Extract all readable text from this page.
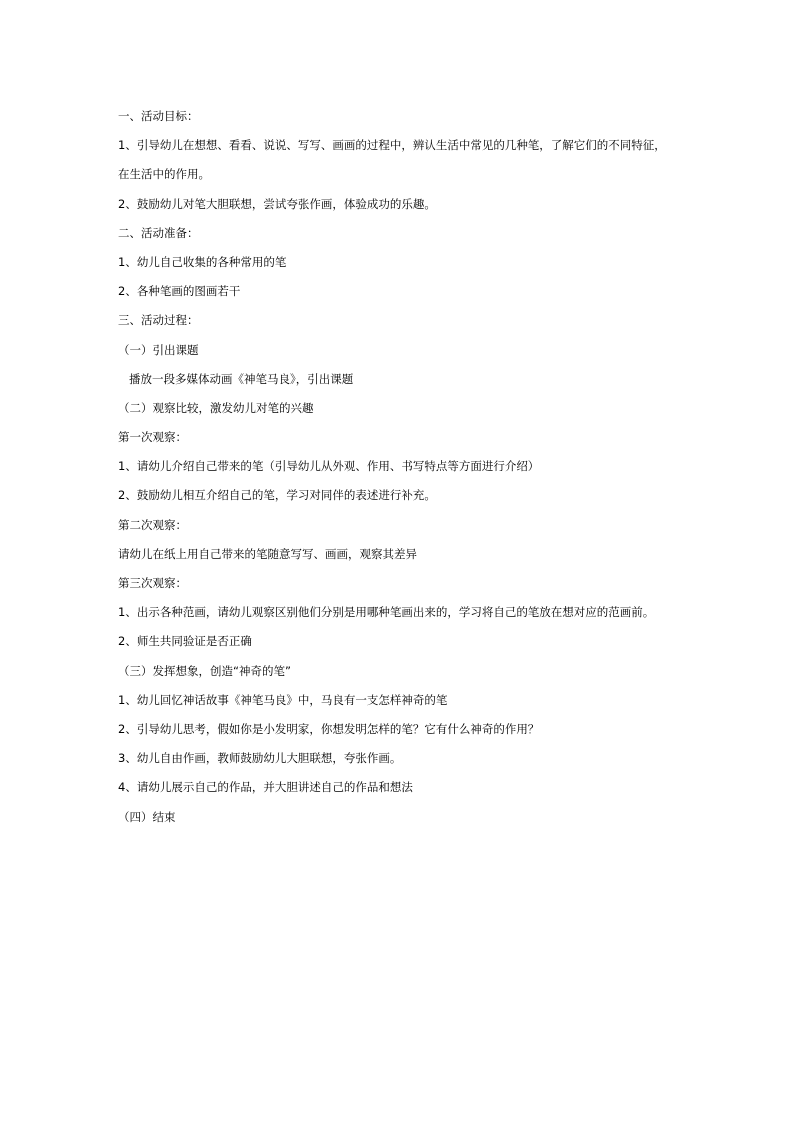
一、活动目标：
1、引导幼儿在想想、看看、说说、写写、画画的过程中，辨认生活中常见的几种笔，了解它们的不同特征，
在生活中的作用。
2、鼓励幼儿对笔大胆联想，尝试夸张作画，体验成功的乐趣。
二、活动准备：
1、幼儿自己收集的各种常用的笔
2、各种笔画的图画若干
三、活动过程：
（一）引出课题
播放一段多媒体动画《神笔马良》，引出课题
（二）观察比较，激发幼儿对笔的兴趣
第一次观察：
1、请幼儿介绍自己带来的笔（引导幼儿从外观、作用、书写特点等方面进行介绍）
2、鼓励幼儿相互介绍自己的笔，学习对同伴的表述进行补充。
第二次观察：
请幼儿在纸上用自己带来的笔随意写写、画画，观察其差异
第三次观察：
1、出示各种范画，请幼儿观察区别他们分别是用哪种笔画出来的，学习将自己的笔放在想对应的范画前。
2、师生共同验证是否正确
（三）发挥想象，创造“神奇的笔”
1、幼儿回忆神话故事《神笔马良》中，马良有一支怎样神奇的笔
2、引导幼儿思考，假如你是小发明家，你想发明怎样的笔？它有什么神奇的作用？
3、幼儿自由作画，教师鼓励幼儿大胆联想，夸张作画。
4、请幼儿展示自己的作品，并大胆讲述自己的作品和想法
（四）结束
